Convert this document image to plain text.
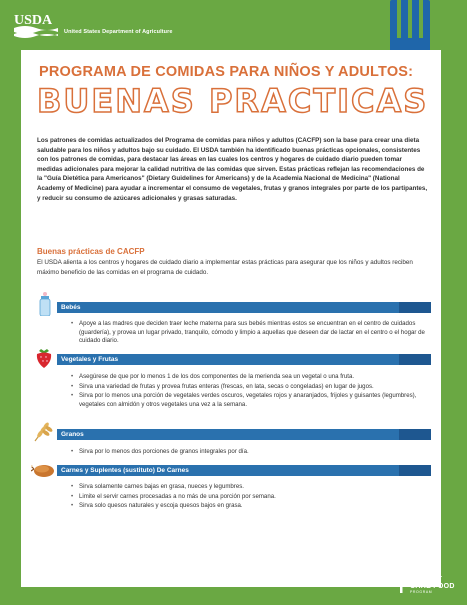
USDA
United States Department of Agriculture
PROGRAMA DE COMIDAS PARA NIÑOS Y ADULTOS:
BUENAS PRACTICAS

Los patrones de comidas actualizados del Programa de comidas para niños y adultos (CACFP) son la base para crear una dieta saludable para los niños y adultos bajo su cuidado. El USDA también ha identificado buenas prácticas opcionales, consistentes con los patrones de comidas, para destacar las áreas en las cuales los centros y hogares de cuidado diario pueden tomar medidas adicionales para mejorar la calidad nutritiva de las comidas que sirven. Estas prácticas reflejan las recomendaciones de la "Guía Dietética para Americanos" (Dietary Guidelines for Americans) y de la Academia Nacional de Medicina" (National Academy of Medicine) para ayudar a incrementar el consumo de vegetales, frutas y granos integrales por parte de los partipantes, y reducir su consumo de azúcares adicionales y grasas saturadas.

Buenas prácticas de CACFP

El USDA alienta a los centros y hogares de cuidado diario a implementar estas prácticas para asegurar que los niños y adultos reciben máximo beneficio de las comidas en el programa de cuidado.

Bebés
• Apoye a las madres que deciden traer leche materna para sus bebés mientras estos se encuentran en el centro de cuidados (guardería), y provea un lugar privado, tranquilo, cómodo y limpio a aquellas que deseen dar de lactar en el centro o el hogar de cuidado diario.
Vegetales y Frutas
• Asegúrese de que por lo menos 1 de los dos componentes de la merienda sea un vegetal o una fruta.
• Sirva una variedad de frutas y provea frutas enteras (frescas, en lata, secas o congeladas) en lugar de jugos.
• Sirva por lo menos una porción de vegetales verdes oscuros, vegetales rojos y anaranjados, frijoles y guisantes (legumbres), vegetales con almidón y otros vegetales una vez a la semana.
Granos
• Sirva por lo menos dos porciones de granos integrales por día.
Carnes y Suplentes (sustituto) De Carnes
• Sirva solamente carnes bajas en grasa, nueces y legumbres.
• Limite el servir carnes procesadas a no más de una porción por semana.
• Sirva solo quesos naturales y escoja quesos bajos en grasa.
CHILD
& ADULT
CARE FOOD
PROGRAM
